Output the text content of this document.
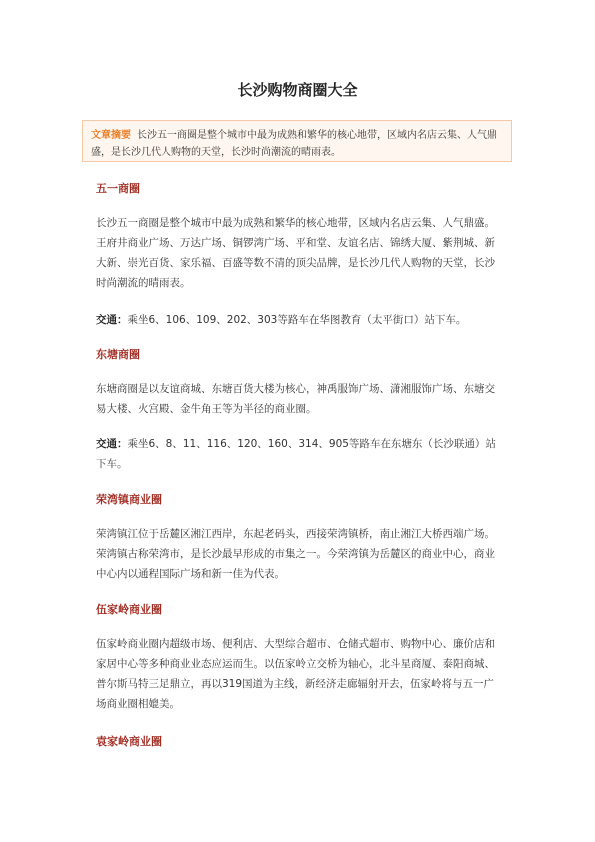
长沙购物商圈大全
文章摘要 长沙五一商圈是整个城市中最为成熟和繁华的核心地带，区域内名店云集、人气鼎盛，是长沙几代人购物的天堂，长沙时尚潮流的晴雨表。
五一商圈
长沙五一商圈是整个城市中最为成熟和繁华的核心地带，区域内名店云集、人气鼎盛。王府井商业广场、万达广场、铜锣湾广场、平和堂、友谊名店、锦绣大厦、紫荆城、新大新、崇光百货、家乐福、百盛等数不清的顶尖品牌，是长沙几代人购物的天堂，长沙时尚潮流的晴雨表。
交通：乘坐6、106、109、202、303等路车在华图教育（太平街口）站下车。
东塘商圈
东塘商圈是以友谊商城、东塘百货大楼为核心，神禹服饰广场、潇湘服饰广场、东塘交易大楼、火宫殿、金牛角王等为半径的商业圈。
交通：乘坐6、8、11、116、120、160、314、905等路车在东塘东（长沙联通）站下车。
荣湾镇商业圈
荣湾镇江位于岳麓区湘江西岸，东起老码头，西接荣湾镇桥，南止湘江大桥西端广场。荣湾镇古称荣湾市，是长沙最早形成的市集之一。今荣湾镇为岳麓区的商业中心，商业中心内以通程国际广场和新一佳为代表。
伍家岭商业圈
伍家岭商业圈内超级市场、便利店、大型综合超市、仓储式超市、购物中心、廉价店和家居中心等多种商业业态应运而生。以伍家岭立交桥为轴心，北斗星商厦、泰阳商城、普尔斯马特三足鼎立，再以319国道为主线，新经济走廊辐射开去，伍家岭将与五一广场商业圈相媲美。
袁家岭商业圈
